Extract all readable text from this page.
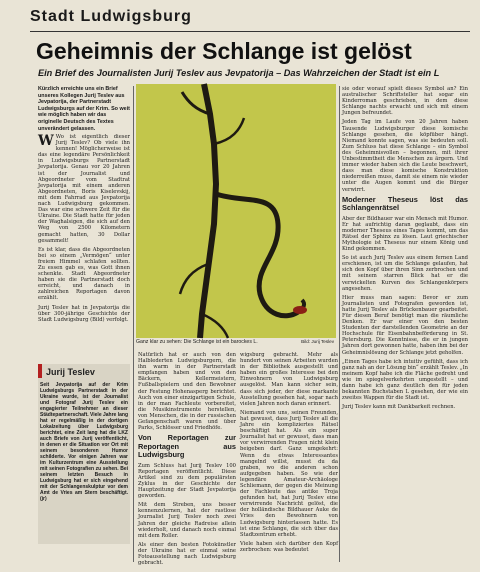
Stadt Ludwigsburg
Geheimnis der Schlange ist gelöst
Ein Brief des Journalisten Jurij Teslev aus Jevpatorija – Das Wahrzeichen der Stadt ist ein L
Kürzlich erreichte uns ein Brief unseres Kollegen Jurij Teslev aus Jevpatorija, der Partnerstadt Ludwigsburgs auf der Krim. So weit wie möglich haben wir das originelle Deutsch des Textes unverändert gelassen.

W Wo ist eigentlich dieser Jurij Teslev? Ob viele ihn kennen! Möglicherweise ist das eine legendäre Persönlichkeit in Ludwigsburgs Partnerstadt Jevpatorija. Genau vor 20 Jahren ist der Journalist und Abgeordneter vom Stadtrat Jevpatorija mit einem anderen Abgeordneten, Boris Kiselevskij, mit dem Fahrrad aus Jevpatorija nach Ludwigsburg gekommen. Das war eine schwere Zeit für die Ukraine. Die Stadt hatte für jeden der Waghalsigen, die sich auf den Weg von 2500 Kilometern gemacht hatten, 30 Dollar gesammelt!

Es ist klar, dass die Abgeordneten bei so einem „Vermögen“ unter freiem Himmel schlafen sollten. Zu essen gab es, was Gott ihnen schenkte. Stadt Abgeordneter haben sie die Partnerstadt doch erreicht, und danach in zahlreichen Reportagen davon erzählt.

Jurij Teslev hat in Jevpatorija die über 300-jährige Geschichte der Stadt Ludwigsburg (Bild) verfolgt.

Ganz klar zu sehen: Die Schlange ist ein barockes L.	Bild: Jurij Teslev
Jurij Teslev

Seit Jevpatorija auf der Krim Ludwigsburgs Partnerstadt in der Ukraine wurde, ist der Journalist und Fotograf Jurij Teslev ein engagierter Teilnehmer an dieser Städtepartnerschaft. Viele Jahre lang hat er regelmäßig in der dortigen Lokalzeitung über Ludwigsburg berichtet, eine Zeit lang hat die LKZ auch Briefe von Jurij veröffentlicht, in denen er die Situation vor Ort mit seinem besonderen Humor schilderte. Vor einigen Jahren war im Kulturzentrum eine Ausstellung mit seinen Fotografien zu sehen. Bei seinem letzten Besuch in Ludwigsburg hat er sich eingehend mit der Schlangenskulptur vor dem Amt de Vries am Stern beschäftigt. (jr)

Natürlich hat er auch von den Halblederten Ludwigsburgern, die ihn warm in der Partnerstadt empfangen haben und von den Bäckern, Kellermeistern, Fußballspielern und den Bewohner der Festung Hohenasperg berichtet. Auch von einer einzigartigen Schule, in der man Fachleute vorbereitet, die Musikinstrumente herstellen, von Menschen, die in der russischen Gefangenschaft waren und über Parks, Schlösser und Friedhöfe.

Von Reportagen zur Reportagen aus Ludwigsburg

Zum Schluss hat Jurij Teslev 100 Reportagen veröffentlicht. Diese Artikel sind zu dem populärsten Zyklus in der Geschichte der Hauptzeitung der Stadt Jevpatorija geworden.

Mit dem Streben, uns besser kennenzulernen, hat der rastlose Journalist Jurij Teslev noch zwei Jahren der gleiche Radreise allein wiederholt, und danach noch einmal mit dem Roller.

Als einer den besten Fotokünstler der Ukraine hat er einmal seine Fotoausstellung nach Ludwigsburg gebracht.

wigsburg gebracht. Mehr als hundert von seinen Arbeiten wurden in der Bibliothek ausgestellt und haben ein großes Interesse bei den Einwohnern von Ludwigsburg ausgelöst. Man kann sicher sein, dass sich jeder, der diese markante Ausstellung gesehen hat, sogar nach vielen Jahren noch daran erinnert.

Niemand von uns, seinen Freunden, hat gewusst, dass Jurij Teslev all die Jahre ein kompliziertes Rätsel beschäftigt hat. Als ein super Journalist hat er gewusst, dass man vor verwirrenden Fragen nicht klein beigeben darf. Ganz umgekehrt: Wenn du etwas Interessantes mangelnd willst, musst du da graben, wo die anderen schon aufgegeben haben. So wie der legendäre Amateur-Archäologe Schliemann, der gegen die Meinung der Fachleute das antike Troja gefunden hat, hat Jurij Teslev eine verwirrende Nachricht gelöst, die der holländische Bildhauer Auke de Vries den Bewohnern von Ludwigsburg hinterlassen hatte. Es ist eine Schlange, die sich über das Stadtzentrum erhebt.

Viele haben sich darüber den Kopf zerbrochen: was bedeutet

sie oder worauf spielt dieses Symbol an? Ein australischer Schriftsteller hat sogar ein Kinderroman geschrieben, in dem diese Schlange nachts erwacht und sich mit einem Jungen befreundet.

Jeden Tag im Laufe von 20 Jahren haben Tausende Ludwigsburger diese komische Schlange gesehen, die köpfüber hängt. Niemand konnte sagen, was sie bedeuten soll. Zum Schluss hat diese Schlange – ein Symbol des Geheimnisvollen – begonnen, mit ihrer Unbestimmtheit die Menschen zu ärgern. Und immer wieder haben sich die Leute beschwert, dass man diese komische Konstruktion niederreißen muss, damit sie einem nie wieder unter die Augen kommt und die Bürger verwirrt.

Moderner Theseus löst das Schlangenrätsel

Aber der Bildhauer war ein Mensch mit Humor. Er hat aufrichtig daran geglaubt, dass ein moderner Theseus eines Tages kommt, um das Rätsel der Sphinx zu lösen. Laut griechischer Mythologie ist Theseus nur einem König und Kind gekommen.

So ist auch Jurij Teslev aus einem fernen Land erschienen, ist um die Schlange gelaufen, hat sich den Kopf über ihren Sinn zerbrochen und mit seinem starren Blick hat er die verwickelten Kurven des Schlangenkörpers angesehen.

Hier muss man sagen: Bevor er zum Journalisten und Fotografen geworden ist, hatte Jurij Teslev als Brückenbauer gearbeitet. Für diesen Beruf benötigt man die räumliche Denken. Er war einer von den besten Studenten der darstellenden Geometrie an der Hochschule für Eisenbahnbeförderung in St. Petersburg. Die Kenntnisse, die er in jungen Jahren dort gewonnen hatte, haben ihm bei der Geheimnislösung der Schlange jetzt geholfen.

„Einen Tages habe ich intuitiv gefühlt, dass ich ganz nah an der Lösung bin“ erzählt Teslev. „In meinem Kopf habe ich die Fläche gedreht und wie im spiegelverkehrten umgestellt – und dann habe ich ganz deutlich den für jeden bekannten Buchstaben L gesehen, der wie ein zweites Wappen für die Stadt ist.

Jurij Teslev kann mit Dankbarkeit rechnen.
